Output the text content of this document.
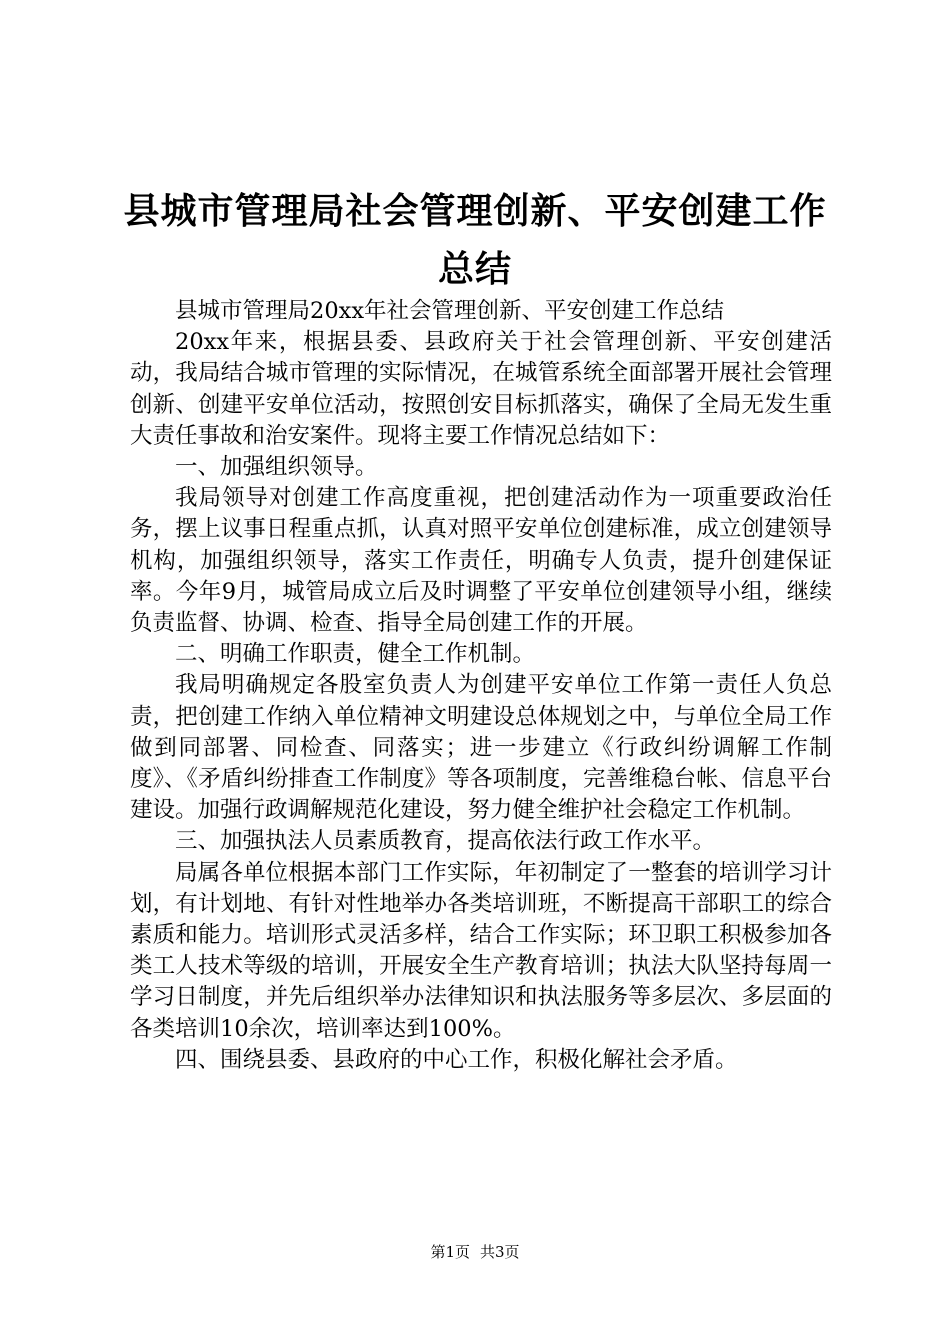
县城市管理局社会管理创新、平安创建工作总结

县城市管理局20xx年社会管理创新、平安创建工作总结

20xx年来，根据县委、县政府关于社会管理创新、平安创建活动，我局结合城市管理的实际情况，在城管系统全面部署开展社会管理创新、创建平安单位活动，按照创安目标抓落实，确保了全局无发生重大责任事故和治安案件。现将主要工作情况总结如下：

一、加强组织领导。

我局领导对创建工作高度重视，把创建活动作为一项重要政治任务，摆上议事日程重点抓，认真对照平安单位创建标准，成立创建领导机构，加强组织领导，落实工作责任，明确专人负责，提升创建保证率。今年9月，城管局成立后及时调整了平安单位创建领导小组，继续负责监督、协调、检查、指导全局创建工作的开展。

二、明确工作职责，健全工作机制。

我局明确规定各股室负责人为创建平安单位工作第一责任人负总责，把创建工作纳入单位精神文明建设总体规划之中，与单位全局工作做到同部署、同检查、同落实；进一步建立《行政纠纷调解工作制度》、《矛盾纠纷排查工作制度》等各项制度，完善维稳台帐、信息平台建设。加强行政调解规范化建设，努力健全维护社会稳定工作机制。

三、加强执法人员素质教育，提高依法行政工作水平。

局属各单位根据本部门工作实际，年初制定了一整套的培训学习计划，有计划地、有针对性地举办各类培训班，不断提高干部职工的综合素质和能力。培训形式灵活多样，结合工作实际；环卫职工积极参加各类工人技术等级的培训，开展安全生产教育培训；执法大队坚持每周一学习日制度，并先后组织举办法律知识和执法服务等多层次、多层面的各类培训10余次，培训率达到100%。

四、围绕县委、县政府的中心工作，积极化解社会矛盾。

第1页 共3页
